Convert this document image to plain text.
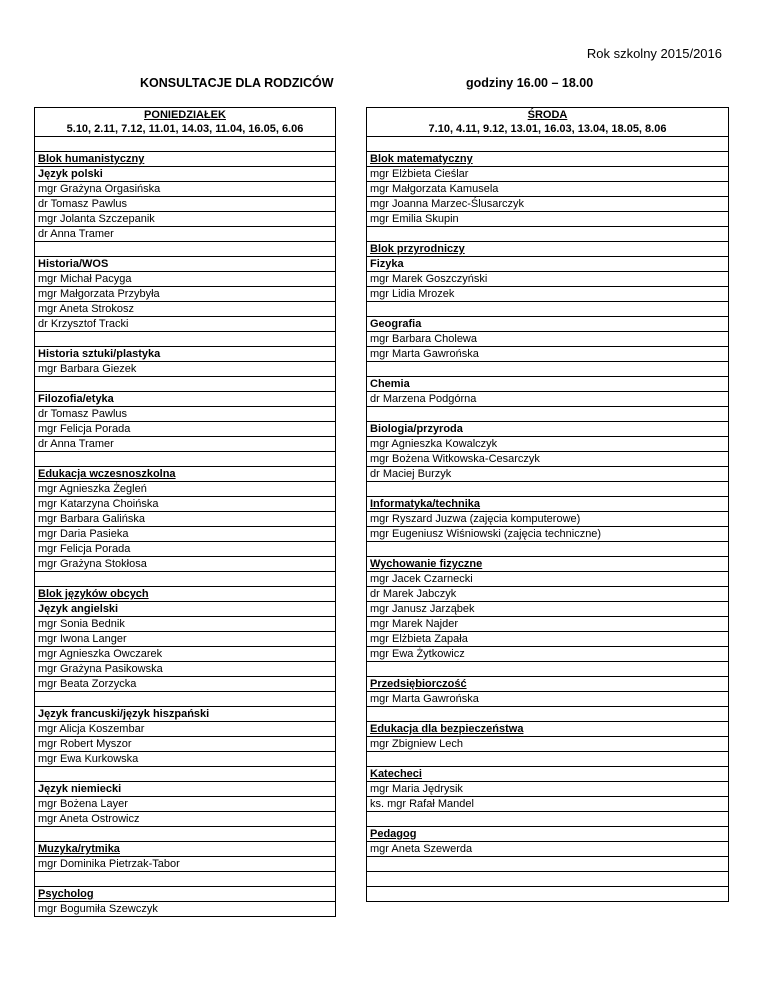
Rok szkolny 2015/2016
KONSULTACJE DLA RODZICÓW	godziny 16.00 – 18.00
PONIEDZIAŁEK
5.10, 2.11, 7.12, 11.01, 14.03, 11.04, 16.05, 6.06

Blok humanistyczny
Język polski
mgr Grażyna Orgasińska
dr Tomasz Pawlus
mgr Jolanta Szczepanik
dr Anna Tramer

Historia/WOS
mgr Michał Pacyga
mgr Małgorzata Przybyła
mgr Aneta Strokosz
dr Krzysztof Tracki

Historia sztuki/plastyka
mgr Barbara Giezek

Filozofia/etyka
dr Tomasz Pawlus
mgr Felicja Porada
dr Anna Tramer

Edukacja wczesnoszkolna
mgr Agnieszka Żegleń
mgr Katarzyna Choińska
mgr Barbara Galińska
mgr Daria Pasieka
mgr Felicja Porada
mgr Grażyna Stokłosa

Blok języków obcych
Język angielski
mgr Sonia Bednik
mgr Iwona Langer
mgr Agnieszka Owczarek
mgr Grażyna Pasikowska
mgr Beata Zorzycka

Język francuski/język hiszpański
mgr Alicja Koszembar
mgr Robert Myszor
mgr Ewa Kurkowska

Język niemiecki
mgr Bożena Layer
mgr Aneta Ostrowicz

Muzyka/rytmika
mgr Dominika Pietrzak-Tabor

Psycholog
mgr Bogumiła Szewczyk
ŚRODA
7.10, 4.11, 9.12, 13.01, 16.03, 13.04, 18.05, 8.06

Blok matematyczny
mgr Elżbieta Cieślar
mgr Małgorzata Kamusela
mgr Joanna Marzec-Ślusarczyk
mgr Emilia Skupin

Blok przyrodniczy
Fizyka
mgr Marek Goszczyński
mgr Lidia Mrozek

Geografia
mgr Barbara Cholewa
mgr Marta Gawrońska

Chemia
dr Marzena Podgórna

Biologia/przyroda
mgr Agnieszka Kowalczyk
mgr Bożena Witkowska-Cesarczyk
dr Maciej Burzyk

Informatyka/technika
mgr Ryszard Juzwa (zajęcia komputerowe)
mgr Eugeniusz Wiśniowski (zajęcia techniczne)

Wychowanie fizyczne
mgr Jacek Czarnecki
dr Marek Jabczyk
mgr Janusz Jarząbek
mgr Marek Najder
mgr Elżbieta Zapała
mgr Ewa Żytkowicz

Przedsiębiorczość
mgr Marta Gawrońska

Edukacja dla bezpieczeństwa
mgr Zbigniew Lech

Katecheci
mgr Maria Jędrysik
ks. mgr Rafał Mandel

Pedagog
mgr Aneta Szewerda
